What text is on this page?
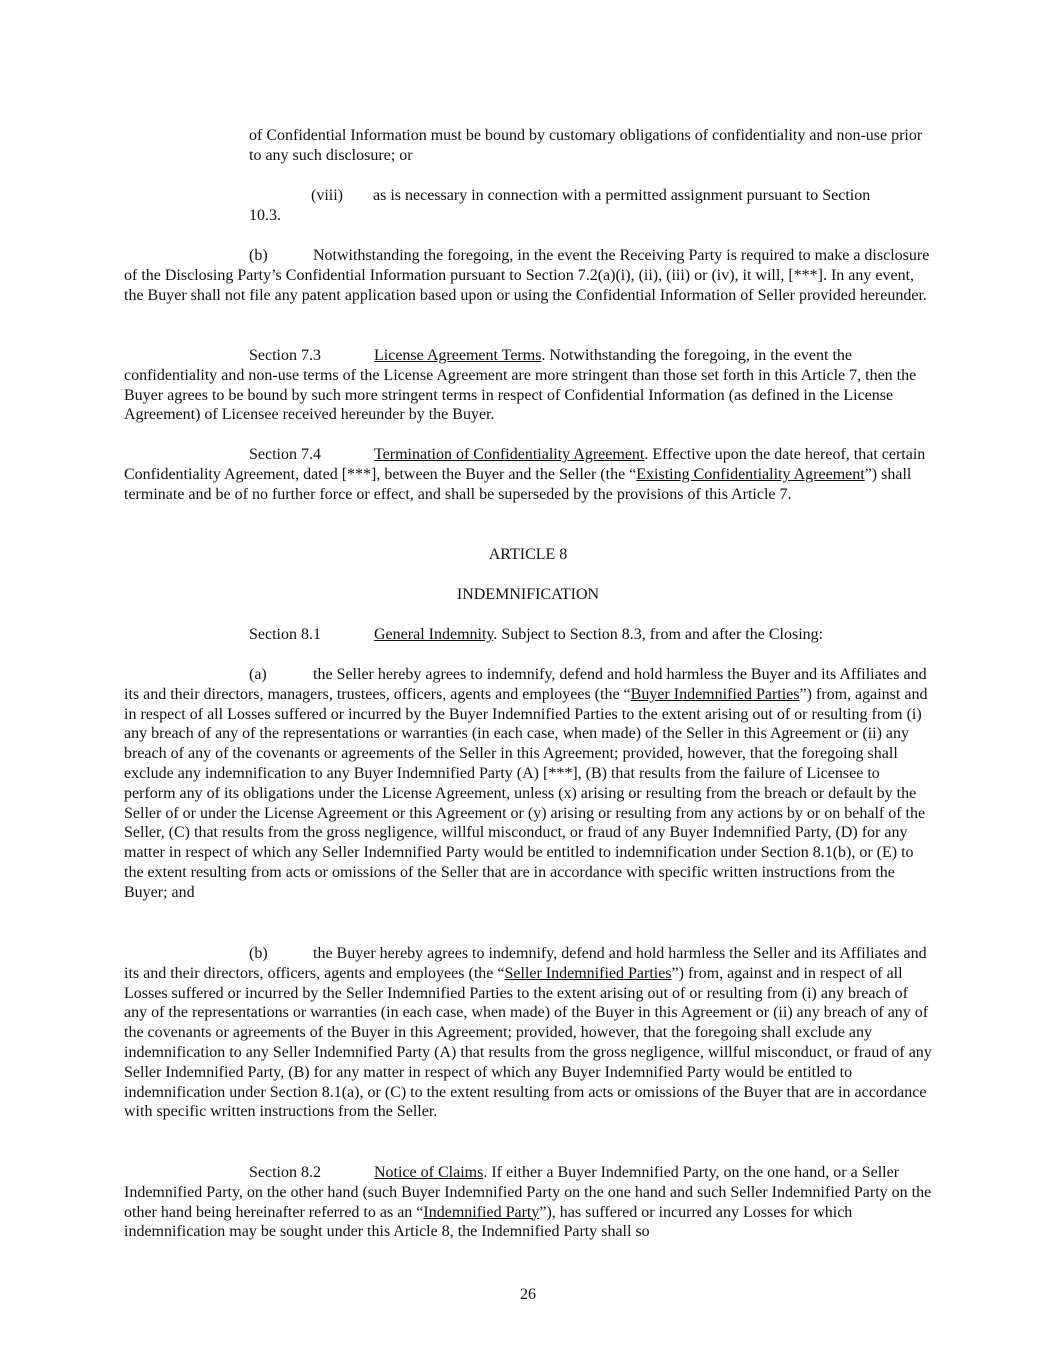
of Confidential Information must be bound by customary obligations of confidentiality and non-use prior to any such disclosure; or

(viii) as is necessary in connection with a permitted assignment pursuant to Section
10.3.

(b)	Notwithstanding the foregoing, in the event the Receiving Party is required to make a disclosure of the Disclosing Party’s Confidential Information pursuant to Section 7.2(a)(i), (ii), (iii) or (iv), it will, [***]. In any event, the Buyer shall not file any patent application based upon or using the Confidential Information of Seller provided hereunder.

Section 7.3	License Agreement Terms. Notwithstanding the foregoing, in the event the confidentiality and non-use terms of the License Agreement are more stringent than those set forth in this Article 7, then the Buyer agrees to be bound by such more stringent terms in respect of Confidential Information (as defined in the License Agreement) of Licensee received hereunder by the Buyer.

Section 7.4	Termination of Confidentiality Agreement. Effective upon the date hereof, that certain Confidentiality Agreement, dated [***], between the Buyer and the Seller (the “Existing Confidentiality Agreement”) shall terminate and be of no further force or effect, and shall be superseded by the provisions of this Article 7.

ARTICLE 8

INDEMNIFICATION

Section 8.1	General Indemnity. Subject to Section 8.3, from and after the Closing:

(a)	the Seller hereby agrees to indemnify, defend and hold harmless the Buyer and its Affiliates and its and their directors, managers, trustees, officers, agents and employees (the “Buyer Indemnified Parties”) from, against and in respect of all Losses suffered or incurred by the Buyer Indemnified Parties to the extent arising out of or resulting from (i) any breach of any of the representations or warranties (in each case, when made) of the Seller in this Agreement or (ii) any breach of any of the covenants or agreements of the Seller in this Agreement; provided, however, that the foregoing shall exclude any indemnification to any Buyer Indemnified Party (A) [***], (B) that results from the failure of Licensee to perform any of its obligations under the License Agreement, unless (x) arising or resulting from the breach or default by the Seller of or under the License Agreement or this Agreement or (y) arising or resulting from any actions by or on behalf of the Seller, (C) that results from the gross negligence, willful misconduct, or fraud of any Buyer Indemnified Party, (D) for any matter in respect of which any Seller Indemnified Party would be entitled to indemnification under Section 8.1(b), or (E) to the extent resulting from acts or omissions of the Seller that are in accordance with specific written instructions from the Buyer; and

(b)	the Buyer hereby agrees to indemnify, defend and hold harmless the Seller and its Affiliates and its and their directors, officers, agents and employees (the “Seller Indemnified Parties”) from, against and in respect of all Losses suffered or incurred by the Seller Indemnified Parties to the extent arising out of or resulting from (i) any breach of any of the representations or warranties (in each case, when made) of the Buyer in this Agreement or (ii) any breach of any of the covenants or agreements of the Buyer in this Agreement; provided, however, that the foregoing shall exclude any indemnification to any Seller Indemnified Party (A) that results from the gross negligence, willful misconduct, or fraud of any Seller Indemnified Party, (B) for any matter in respect of which any Buyer Indemnified Party would be entitled to indemnification under Section 8.1(a), or (C) to the extent resulting from acts or omissions of the Buyer that are in accordance with specific written instructions from the Seller.

Section 8.2	Notice of Claims. If either a Buyer Indemnified Party, on the one hand, or a Seller Indemnified Party, on the other hand (such Buyer Indemnified Party on the one hand and such Seller Indemnified Party on the other hand being hereinafter referred to as an “Indemnified Party”), has suffered or incurred any Losses for which indemnification may be sought under this Article 8, the Indemnified Party shall so

26
